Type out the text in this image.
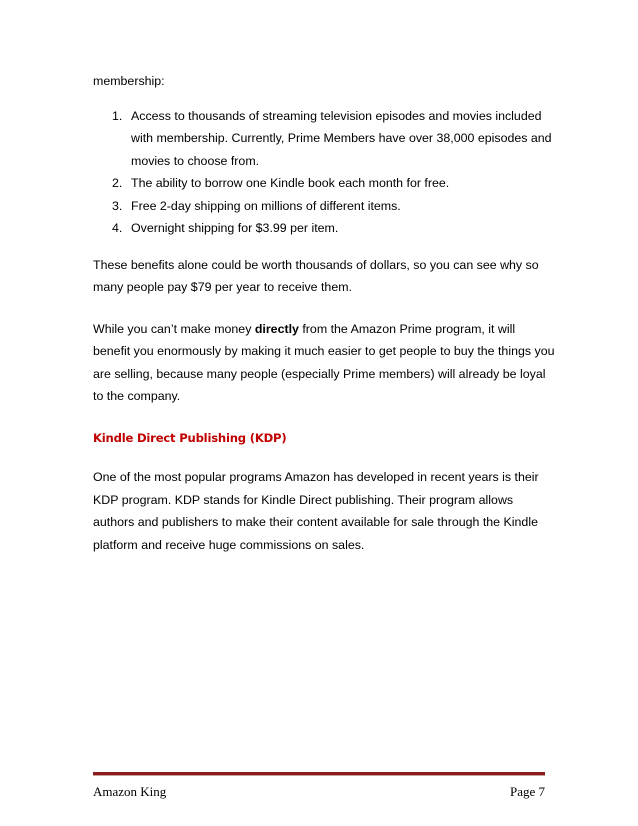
membership:

1. Access to thousands of streaming television episodes and movies included with membership. Currently, Prime Members have over 38,000 episodes and movies to choose from.
2. The ability to borrow one Kindle book each month for free.
3. Free 2-day shipping on millions of different items.
4. Overnight shipping for $3.99 per item.

These benefits alone could be worth thousands of dollars, so you can see why so many people pay $79 per year to receive them.

While you can’t make money directly from the Amazon Prime program, it will benefit you enormously by making it much easier to get people to buy the things you are selling, because many people (especially Prime members) will already be loyal to the company.

Kindle Direct Publishing (KDP)

One of the most popular programs Amazon has developed in recent years is their KDP program. KDP stands for Kindle Direct publishing. Their program allows authors and publishers to make their content available for sale through the Kindle platform and receive huge commissions on sales.

Amazon King	Page 7
